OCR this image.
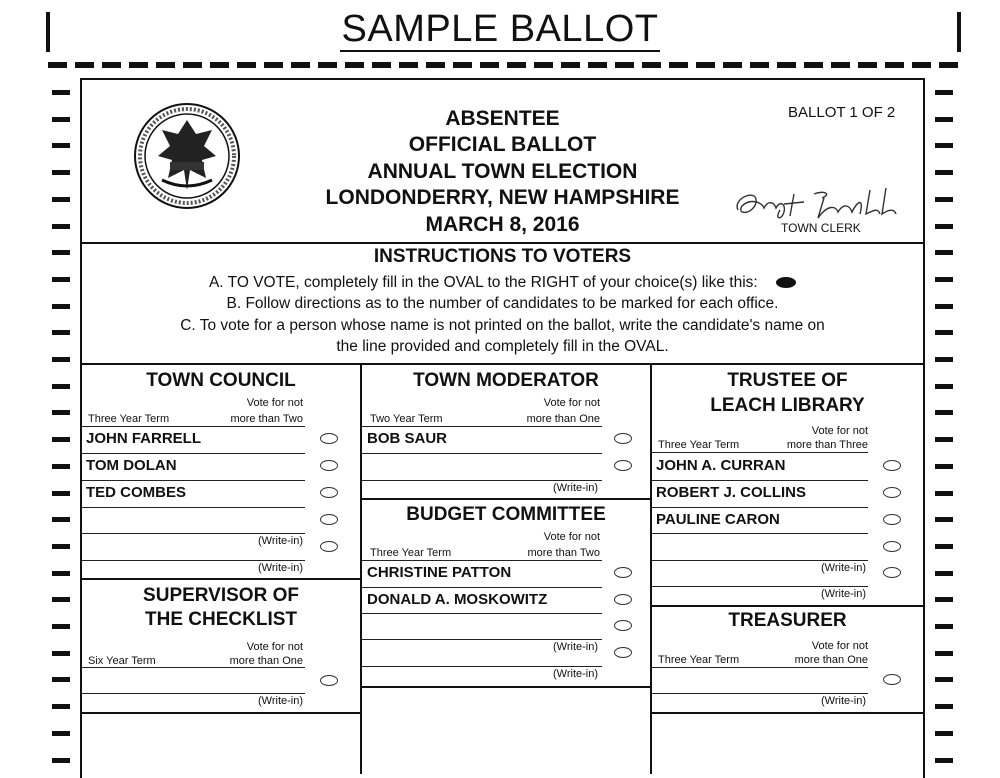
SAMPLE BALLOT
ABSENTEE
OFFICIAL BALLOT
ANNUAL TOWN ELECTION
LONDONDERRY, NEW HAMPSHIRE
MARCH 8, 2016
BALLOT 1 OF 2
TOWN CLERK
INSTRUCTIONS TO VOTERS
A. TO VOTE, completely fill in the OVAL to the RIGHT of your choice(s) like this:
B. Follow directions as to the number of candidates to be marked for each office.
C. To vote for a person whose name is not printed on the ballot, write the candidate's name on
the line provided and completely fill in the OVAL.
TOWN COUNCIL
Three Year Term
Vote for not
more than Two
JOHN FARRELL
TOM DOLAN
TED COMBES
(Write-in)
(Write-in)
SUPERVISOR OF
THE CHECKLIST
Vote for not
Six Year Term	more than One
(Write-in)
TOWN MODERATOR
Two Year Term
Vote for not
more than One
BOB SAUR
(Write-in)
BUDGET COMMITTEE
Vote for not
Three Year Term	more than Two
CHRISTINE PATTON
DONALD A. MOSKOWITZ
(Write-in)
(Write-in)
TRUSTEE OF
LEACH LIBRARY
Vote for not
Three Year Term	more than Three
JOHN A. CURRAN
ROBERT J. COLLINS
PAULINE CARON
(Write-in)
(Write-in)
TREASURER
Vote for not
Three Year Term	more than One
(Write-in)
